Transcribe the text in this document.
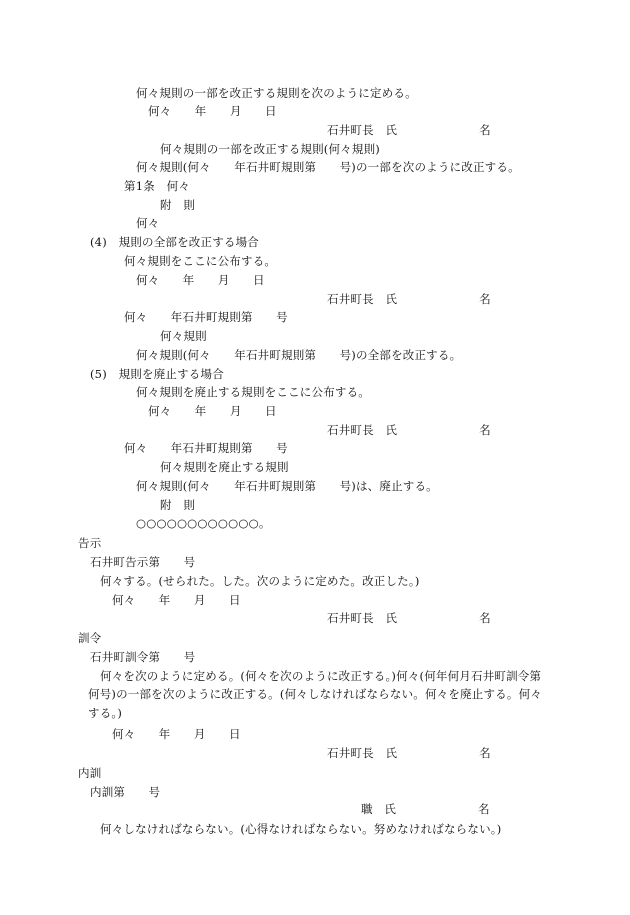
何々規則の一部を改正する規則を次のように定める。
何々　　年　　月　　日
石井町長　氏　　　　　　　名
何々規則の一部を改正する規則(何々規則)
何々規則(何々　　年石井町規則第　　号)の一部を次のように改正する。
第1条　何々
附　則
何々
(4)　規則の全部を改正する場合
何々規則をここに公布する。
何々　　年　　月　　日
石井町長　氏　　　　　　　名
何々　　年石井町規則第　　号
何々規則
何々規則(何々　　年石井町規則第　　号)の全部を改正する。
(5)　規則を廃止する場合
何々規則を廃止する規則をここに公布する。
何々　　年　　月　　日
石井町長　氏　　　　　　　名
何々　　年石井町規則第　　号
何々規則を廃止する規則
何々規則(何々　　年石井町規則第　　号)は、廃止する。
附　則
○○○○○○○○○○○○。
告示
石井町告示第　　号
何々する。(せられた。した。次のように定めた。改正した。)
何々　　年　　月　　日
石井町長　氏　　　　　　　名
訓令
石井町訓令第　　号
何々を次のように定める。(何々を次のように改正する。)何々(何年何月石井町訓令第
何号)の一部を次のように改正する。(何々しなければならない。何々を廃止する。何々
する。)
何々　　年　　月　　日
石井町長　氏　　　　　　　名
内訓
内訓第　　号
職　氏　　　　　　　名
何々しなければならない。(心得なければならない。努めなければならない。)
